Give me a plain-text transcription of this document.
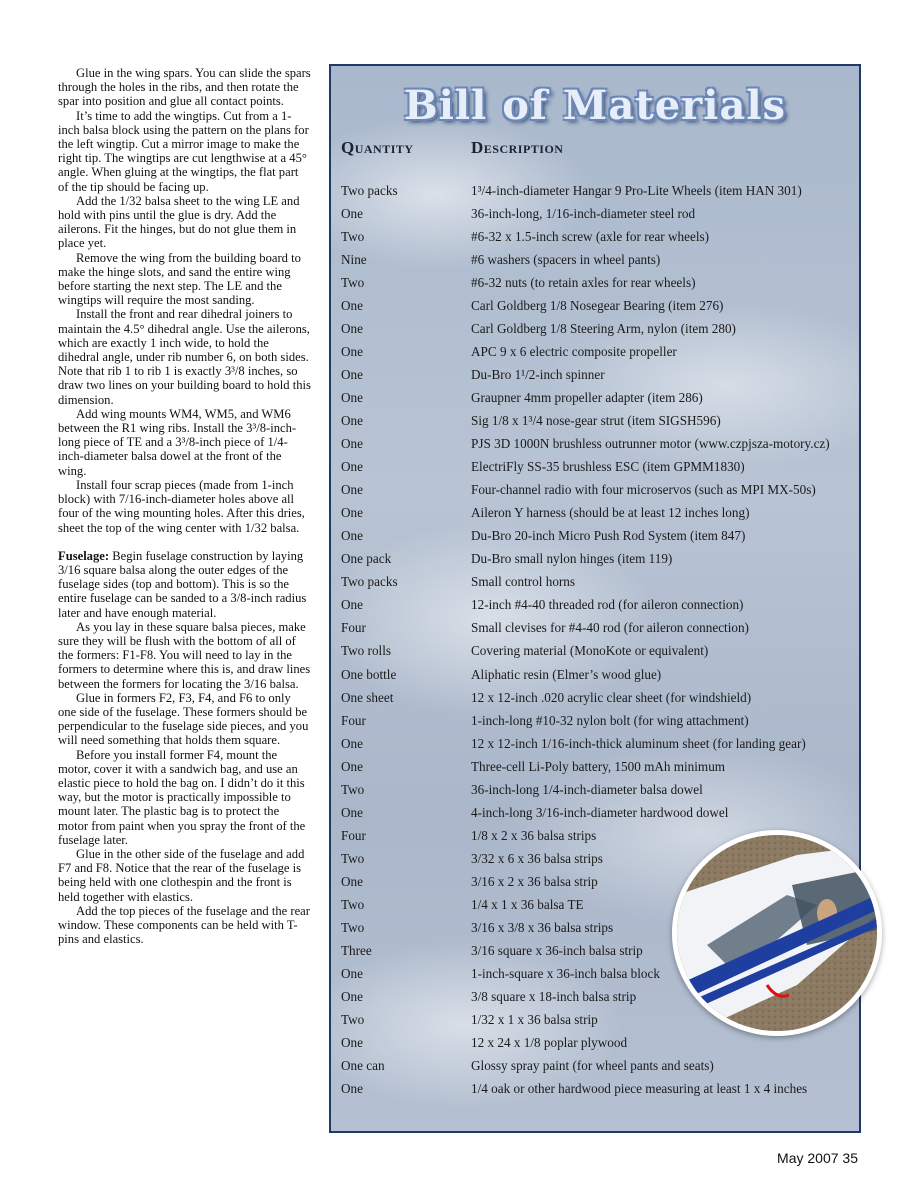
Glue in the wing spars. You can slide the spars through the holes in the ribs, and then rotate the spar into position and glue all contact points.

It’s time to add the wingtips. Cut from a 1-inch balsa block using the pattern on the plans for the left wingtip. Cut a mirror image to make the right tip. The wingtips are cut lengthwise at a 45° angle. When gluing at the wingtips, the flat part of the tip should be facing up.

Add the 1/32 balsa sheet to the wing LE and hold with pins until the glue is dry. Add the ailerons. Fit the hinges, but do not glue them in place yet.

Remove the wing from the building board to make the hinge slots, and sand the entire wing before starting the next step. The LE and the wingtips will require the most sanding.

Install the front and rear dihedral joiners to maintain the 4.5° dihedral angle. Use the ailerons, which are exactly 1 inch wide, to hold the dihedral angle, under rib number 6, on both sides. Note that rib 1 to rib 1 is exactly 3³/8 inches, so draw two lines on your building board to hold this dimension.

Add wing mounts WM4, WM5, and WM6 between the R1 wing ribs. Install the 3³/8-inch-long piece of TE and a 3³/8-inch piece of 1/4-inch-diameter balsa dowel at the front of the wing.

Install four scrap pieces (made from 1-inch block) with 7/16-inch-diameter holes above all four of the wing mounting holes. After this dries, sheet the top of the wing center with 1/32 balsa.

Fuselage: Begin fuselage construction by laying 3/16 square balsa along the outer edges of the fuselage sides (top and bottom). This is so the entire fuselage can be sanded to a 3/8-inch radius later and have enough material.

As you lay in these square balsa pieces, make sure they will be flush with the bottom of all of the formers: F1-F8. You will need to lay in the formers to determine where this is, and draw lines between the formers for locating the 3/16 balsa.

Glue in formers F2, F3, F4, and F6 to only one side of the fuselage. These formers should be perpendicular to the fuselage side pieces, and you will need something that holds them square.

Before you install former F4, mount the motor, cover it with a sandwich bag, and use an elastic piece to hold the bag on. I didn’t do it this way, but the motor is practically impossible to mount later. The plastic bag is to protect the motor from paint when you spray the front of the fuselage later.

Glue in the other side of the fuselage and add F7 and F8. Notice that the rear of the fuselage is being held with one clothespin and the front is held together with elastics.

Add the top pieces of the fuselage and the rear window. These components can be held with T-pins and elastics.

Bill of Materials
Quantity	Description
Two packs	1³/4-inch-diameter Hangar 9 Pro-Lite Wheels (item HAN 301)
One	36-inch-long, 1/16-inch-diameter steel rod
Two	#6-32 x 1.5-inch screw (axle for rear wheels)
Nine	#6 washers (spacers in wheel pants)
Two	#6-32 nuts (to retain axles for rear wheels)
One	Carl Goldberg 1/8 Nosegear Bearing (item 276)
One	Carl Goldberg 1/8 Steering Arm, nylon (item 280)
One	APC 9 x 6 electric composite propeller
One	Du-Bro 1¹/2-inch spinner
One	Graupner 4mm propeller adapter (item 286)
One	Sig 1/8 x 1³/4 nose-gear strut (item SIGSH596)
One	PJS 3D 1000N brushless outrunner motor (www.czpjsza-motory.cz)
One	ElectriFly SS-35 brushless ESC (item GPMM1830)
One	Four-channel radio with four microservos (such as MPI MX-50s)
One	Aileron Y harness (should be at least 12 inches long)
One	Du-Bro 20-inch Micro Push Rod System (item 847)
One pack	Du-Bro small nylon hinges (item 119)
Two packs	Small control horns
One	12-inch #4-40 threaded rod (for aileron connection)
Four	Small clevises for #4-40 rod (for aileron connection)
Two rolls	Covering material (MonoKote or equivalent)
One bottle	Aliphatic resin (Elmer’s wood glue)
One sheet	12 x 12-inch .020 acrylic clear sheet (for windshield)
Four	1-inch-long #10-32 nylon bolt (for wing attachment)
One	12 x 12-inch 1/16-inch-thick aluminum sheet (for landing gear)
One	Three-cell Li-Poly battery, 1500 mAh minimum
Two	36-inch-long 1/4-inch-diameter balsa dowel
One	4-inch-long 3/16-inch-diameter hardwood dowel
Four	1/8 x 2 x 36 balsa strips
Two	3/32 x 6 x 36 balsa strips
One	3/16 x 2 x 36 balsa strip
Two	1/4 x 1 x 36 balsa TE
Two	3/16 x 3/8 x 36 balsa strips
Three	3/16 square x 36-inch balsa strip
One	1-inch-square x 36-inch balsa block
One	3/8 square x 18-inch balsa strip
Two	1/32 x 1 x 36 balsa strip
One	12 x 24 x 1/8 poplar plywood
One can	Glossy spray paint (for wheel pants and seats)
One	1/4 oak or other hardwood piece measuring at least 1 x 4 inches
May 2007 35
